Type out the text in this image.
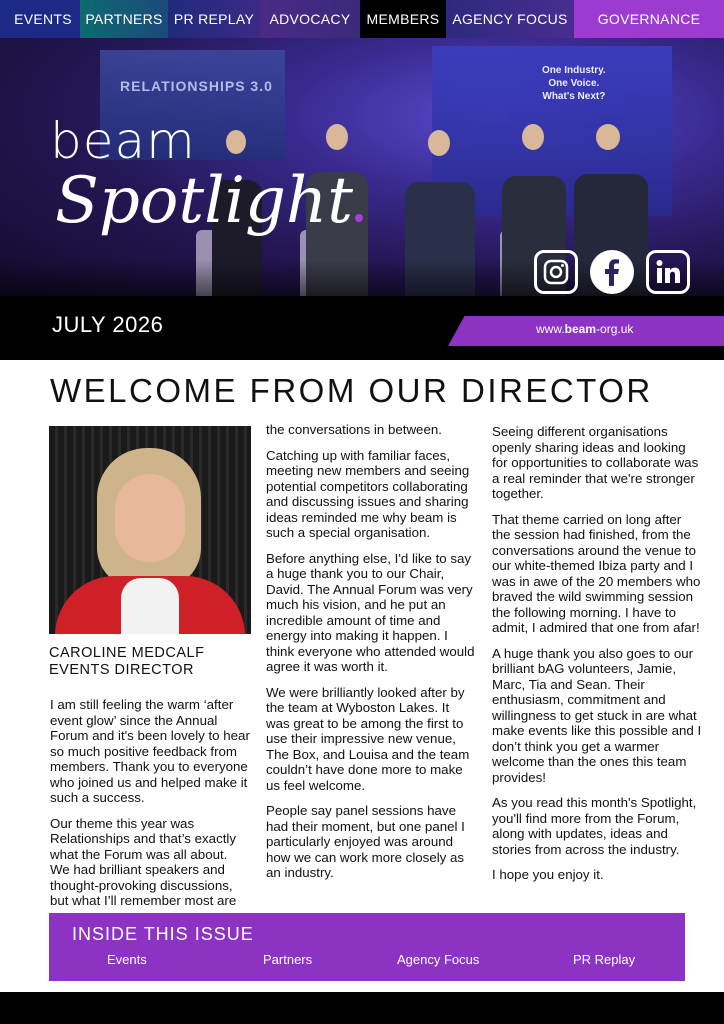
EVENTS PARTNERS PR REPLAY	ADVOCACY	MEMBERS AGENCY FOCUS	GOVERNANCE
RELATIONSHIPS 3.0
One Industry.
One Voice.
What's Next?
beam
Spotlight
JULY 2026	www.beam-org.uk
WELCOME FROM OUR DIRECTOR
CAROLINE MEDCALF
EVENTS DIRECTOR

I am still feeling the warm ‘after event glow’ since the Annual Forum and it's been lovely to hear so much positive feedback from members. Thank you to everyone who joined us and helped make it such a success.

Our theme this year was Relationships and that’s exactly what the Forum was all about. We had brilliant speakers and thought-provoking discussions, but what I’ll remember most are

the conversations in between.

Catching up with familiar faces, meeting new members and seeing potential competitors collaborating and discussing issues and sharing ideas reminded me why beam is such a special organisation.

Before anything else, I'd like to say a huge thank you to our Chair, David. The Annual Forum was very much his vision, and he put an incredible amount of time and energy into making it happen. I think everyone who attended would agree it was worth it.

We were brilliantly looked after by the team at Wyboston Lakes. It was great to be among the first to use their impressive new venue, The Box, and Louisa and the team couldn’t have done more to make us feel welcome.

People say panel sessions have had their moment, but one panel I particularly enjoyed was around how we can work more closely as an industry.

Seeing different organisations openly sharing ideas and looking for opportunities to collaborate was a real reminder that we're stronger together.

That theme carried on long after the session had finished, from the conversations around the venue to our white-themed Ibiza party and I was in awe of the 20 members who braved the wild swimming session the following morning. I have to admit, I admired that one from afar!

A huge thank you also goes to our brilliant bAG volunteers, Jamie, Marc, Tia and Sean. Their enthusiasm, commitment and willingness to get stuck in are what make events like this possible and I don’t think you get a warmer welcome than the ones this team provides!

As you read this month's Spotlight, you'll find more from the Forum, along with updates, ideas and stories from across the industry.

I hope you enjoy it.

INSIDE THIS ISSUE
Events	Partners	Agency Focus	PR Replay
